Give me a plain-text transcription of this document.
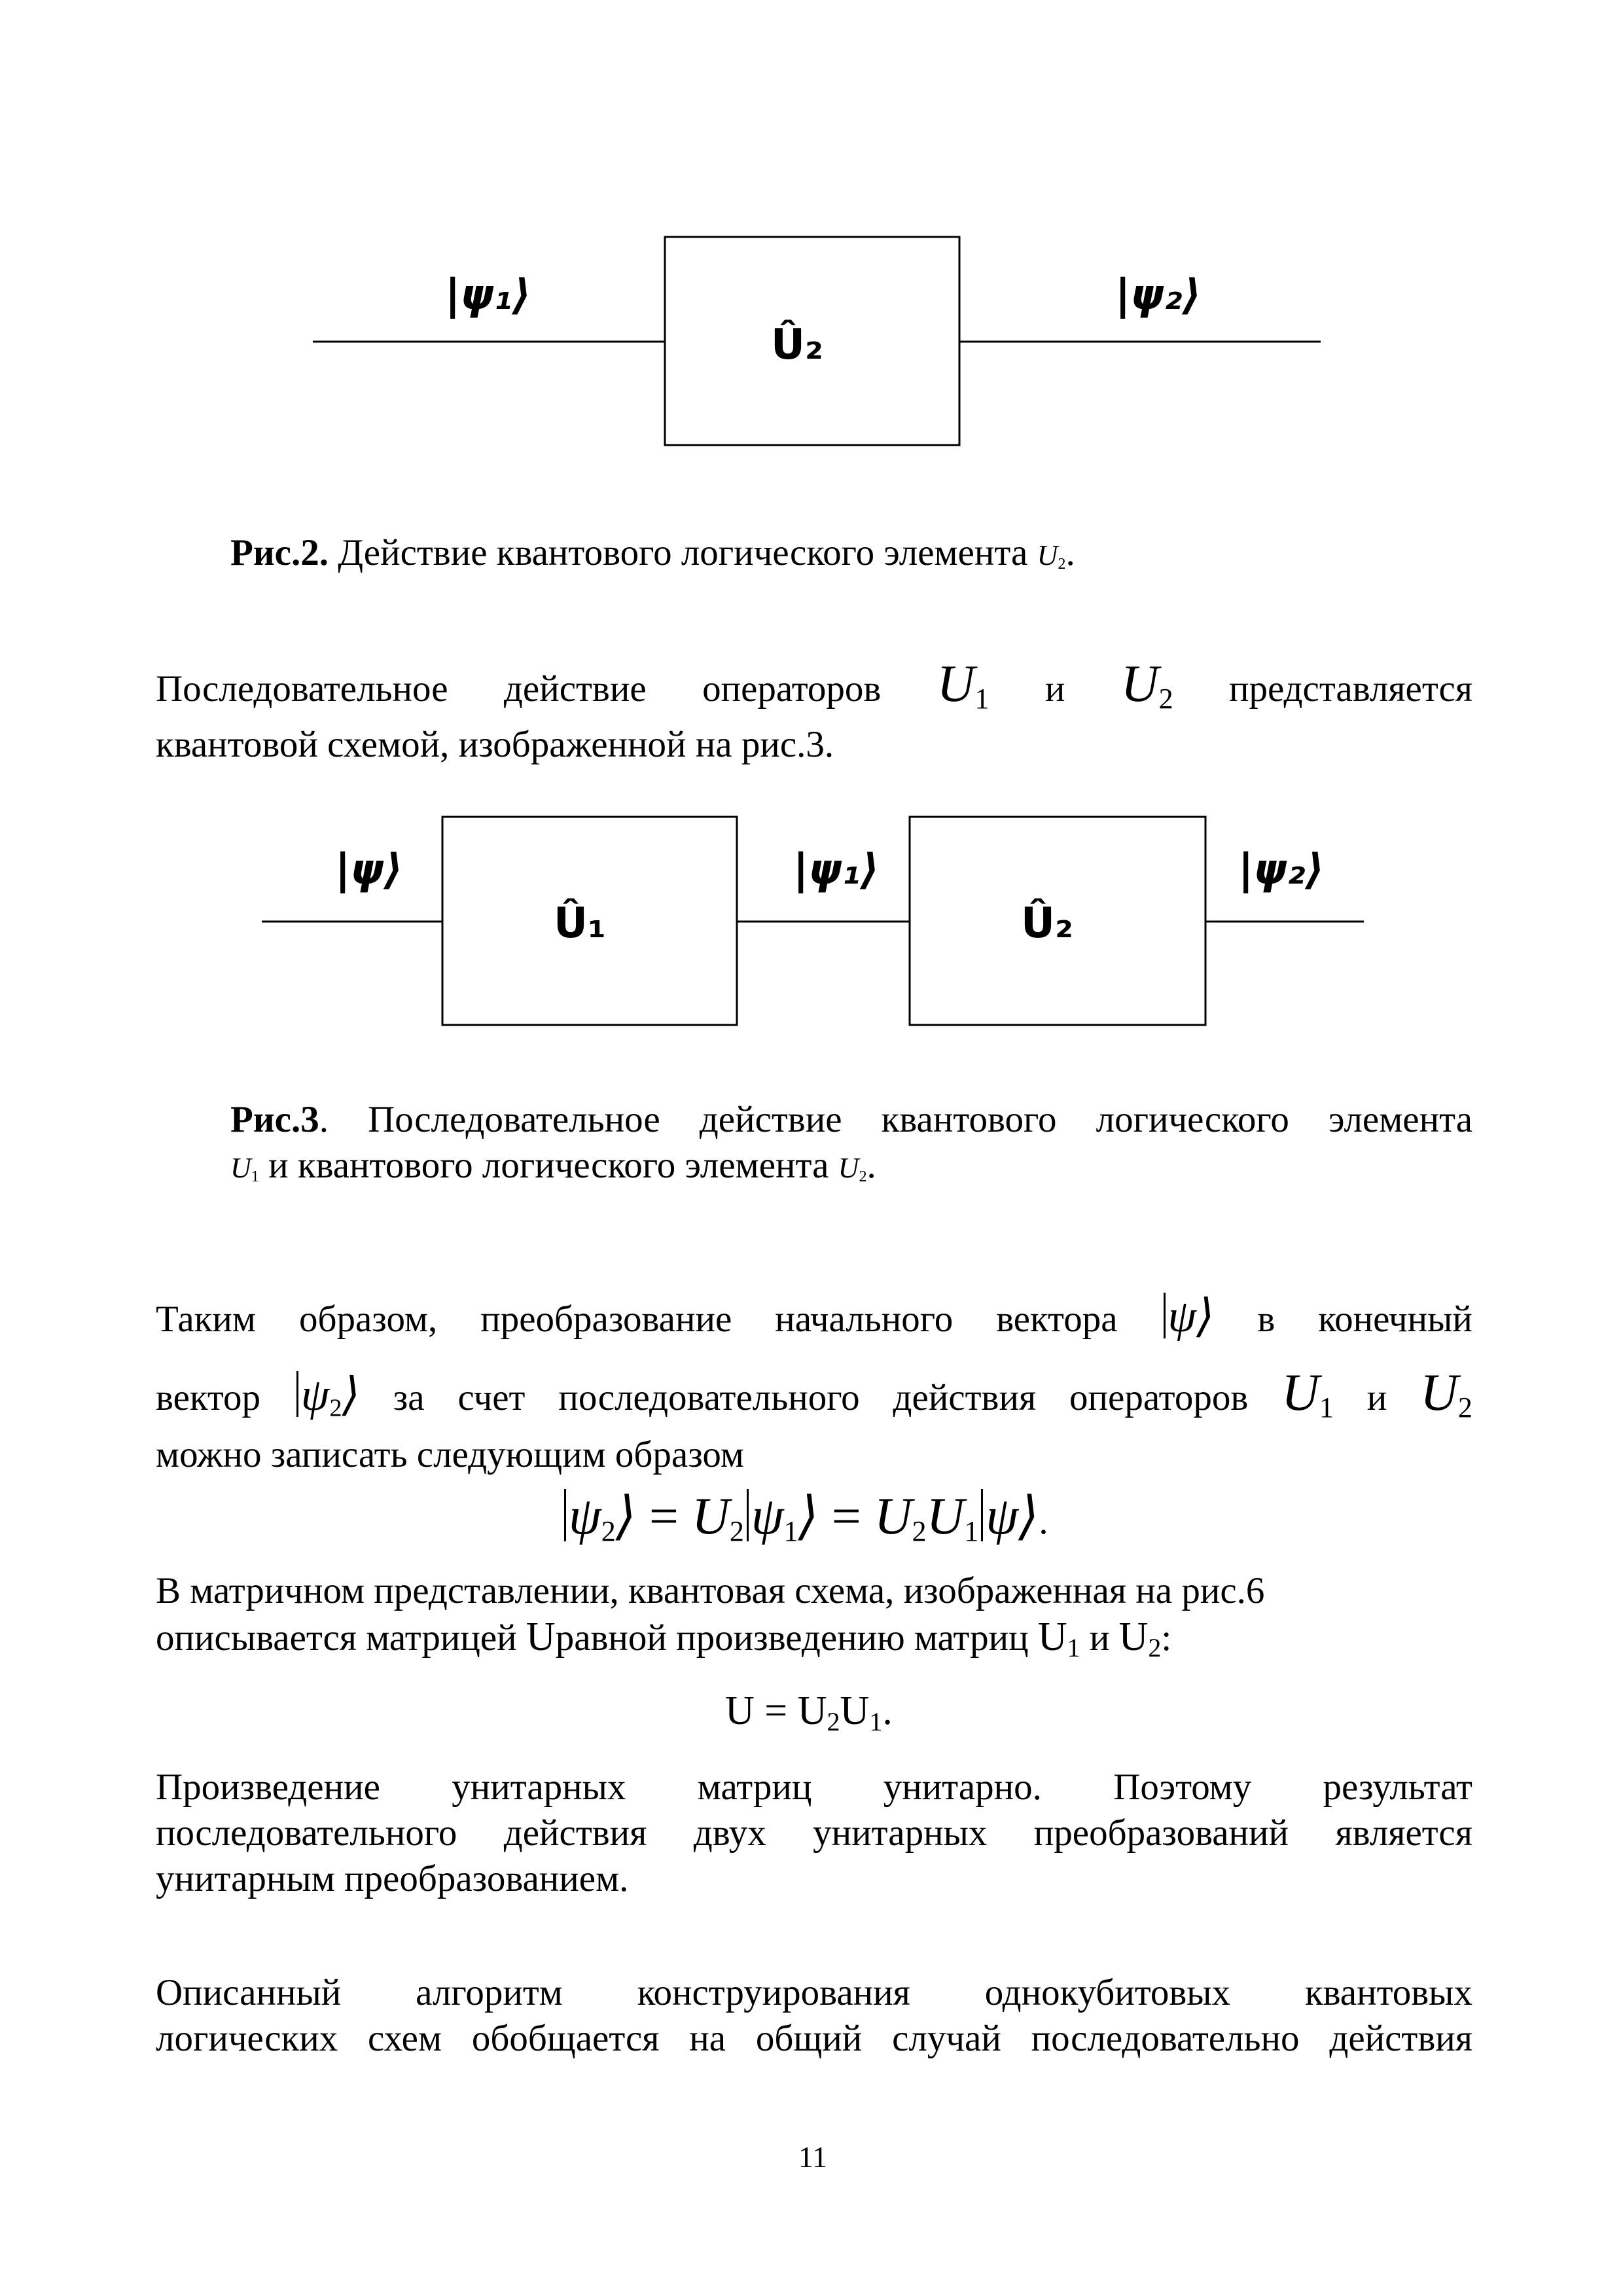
|ψ₁⟩
Û₂
|ψ₂⟩
Рис.2. Действие квантового логического элемента $U_2$.
Последовательное действие операторов $U_1$ и $U_2$ представляется
квантовой схемой, изображенной на рис.3.
|ψ⟩
Û₁
|ψ₁⟩
Û₂
|ψ₂⟩
Рис.3. Последовательное действие квантового логического элемента
$U_1$ и квантового логического элемента $U_2$.
Таким образом, преобразование начального вектора ψ⟩ в конечный
вектор $\psi_2⟩$ за счет последовательного действия операторов $U_1$ и $U_2$
можно записать следующим образом
$\psi_2⟩ = U_2$ $\psi_1⟩ = U_2U_1$ ψ⟩.
В матричном представлении, квантовая схема, изображенная на рис.6
описывается матрицей Uравной произведению матриц $U_1$ и $U_2$:
$U = U_2U_1$.
Произведение унитарных матриц унитарно. Поэтому результат
последовательного действия двух унитарных преобразований является
унитарным преобразованием.
Описанный алгоритм конструирования однокубитовых квантовых
логических схем обобщается на общий случай последовательно действия
11
